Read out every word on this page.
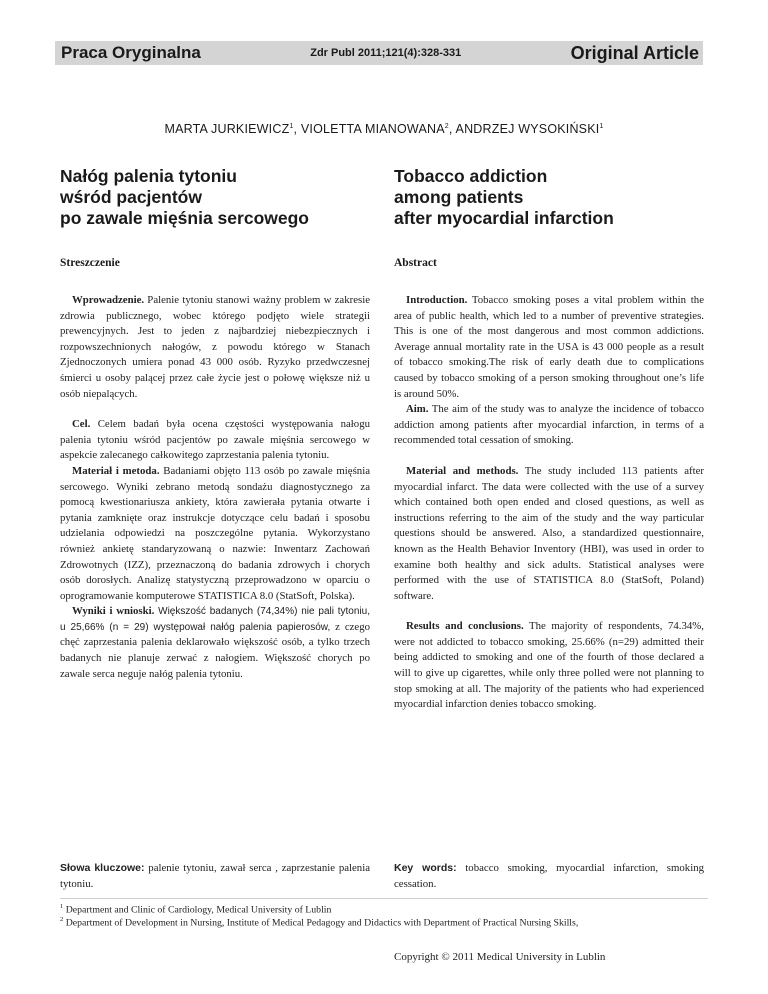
Praca Oryginalna	Zdr Publ 2011;121(4):328-331	Original Article
MARTA JURKIEWICZ$^1$, VIOLETTA MIANOWANA$^2$, ANDRZEJ WYSOKIŃSKI$^1$
Nałóg palenia tytoniu
wśród pacjentów
po zawale mięśnia sercowego
Streszczenie

Wprowadzenie. Palenie tytoniu stanowi ważny problem w zakresie zdrowia publicznego, wobec którego podjęto wiele strategii prewencyjnych. Jest to jeden z najbardziej niebezpiecznych i rozpowszechnionych nałogów, z powodu którego w Stanach Zjednoczonych umiera ponad 43 000 osób. Ryzyko przedwczesnej śmierci u osoby palącej przez całe życie jest o połowę większe niż u osób niepalących.

Cel. Celem badań była ocena częstości występowania nałogu palenia tytoniu wśród pacjentów po zawale mięśnia sercowego w aspekcie zalecanego całkowitego zaprzestania palenia tytoniu.

Materiał i metoda. Badaniami objęto 113 osób po zawale mięśnia sercowego. Wyniki zebrano metodą sondażu diagnostycznego za pomocą kwestionariusza ankiety, która zawierała pytania otwarte i pytania zamknięte oraz instrukcje dotyczące celu badań i sposobu udzielania odpowiedzi na poszczególne pytania. Wykorzystano również ankietę standaryzowaną o nazwie: Inwentarz Zachowań Zdrowotnych (IZZ), przeznaczoną do badania zdrowych i chorych osób dorosłych. Analizę statystyczną przeprowadzono w oparciu o oprogramowanie komputerowe STATISTICA 8.0 (StatSoft, Polska).

Wyniki i wnioski. Większość badanych (74,34%) nie pali tytoniu, u 25,66% (n = 29) występował nałóg palenia papierosów, z czego chęć zaprzestania palenia deklarowało większość osób, a tylko trzech badanych nie planuje zerwać z nałogiem. Większość chorych po zawale serca neguje nałóg palenia tytoniu.

Słowa kluczowe: palenie tytoniu, zawał serca , zaprzestanie palenia tytoniu.
Tobacco addiction
among patients
after myocardial infarction
Abstract

Introduction. Tobacco smoking poses a vital problem within the area of public health, which led to a number of preventive strategies. This is one of the most dangerous and most common addictions. Average annual mortality rate in the USA is 43 000 people as a result of tobacco smoking.The risk of early death due to complications caused by tobacco smoking of a person smoking throughout one’s life is around 50%.

Aim. The aim of the study was to analyze the incidence of tobacco addiction among patients after myocardial infarction, in terms of a recommended total cessation of smoking.

Material and methods. The study included 113 patients after myocardial infarct. The data were collected with the use of a survey which contained both open ended and closed questions, as well as instructions referring to the aim of the study and the way particular questions should be answered. Also, a standardized questionnaire, known as the Health Behavior Inventory (HBI), was used in order to examine both healthy and sick adults. Statistical analyses were performed with the use of STATISTICA 8.0 (StatSoft, Poland) software.

Results and conclusions. The majority of respondents, 74.34%, were not addicted to tobacco smoking, 25.66% (n=29) admitted their being addicted to smoking and one of the fourth of those declared a will to give up cigarettes, while only three polled were not planning to stop smoking at all. The majority of the patients who had experienced myocardial infarction denies tobacco smoking.

Key words: tobacco smoking, myocardial infarction, smoking cessation.
$^1$ Department and Clinic of Cardiology, Medical University of Lublin
$^2$ Department of Development in Nursing, Institute of Medical Pedagogy and Didactics with Department of Practical Nursing Skills,
Copyright © 2011 Medical University in Lublin
